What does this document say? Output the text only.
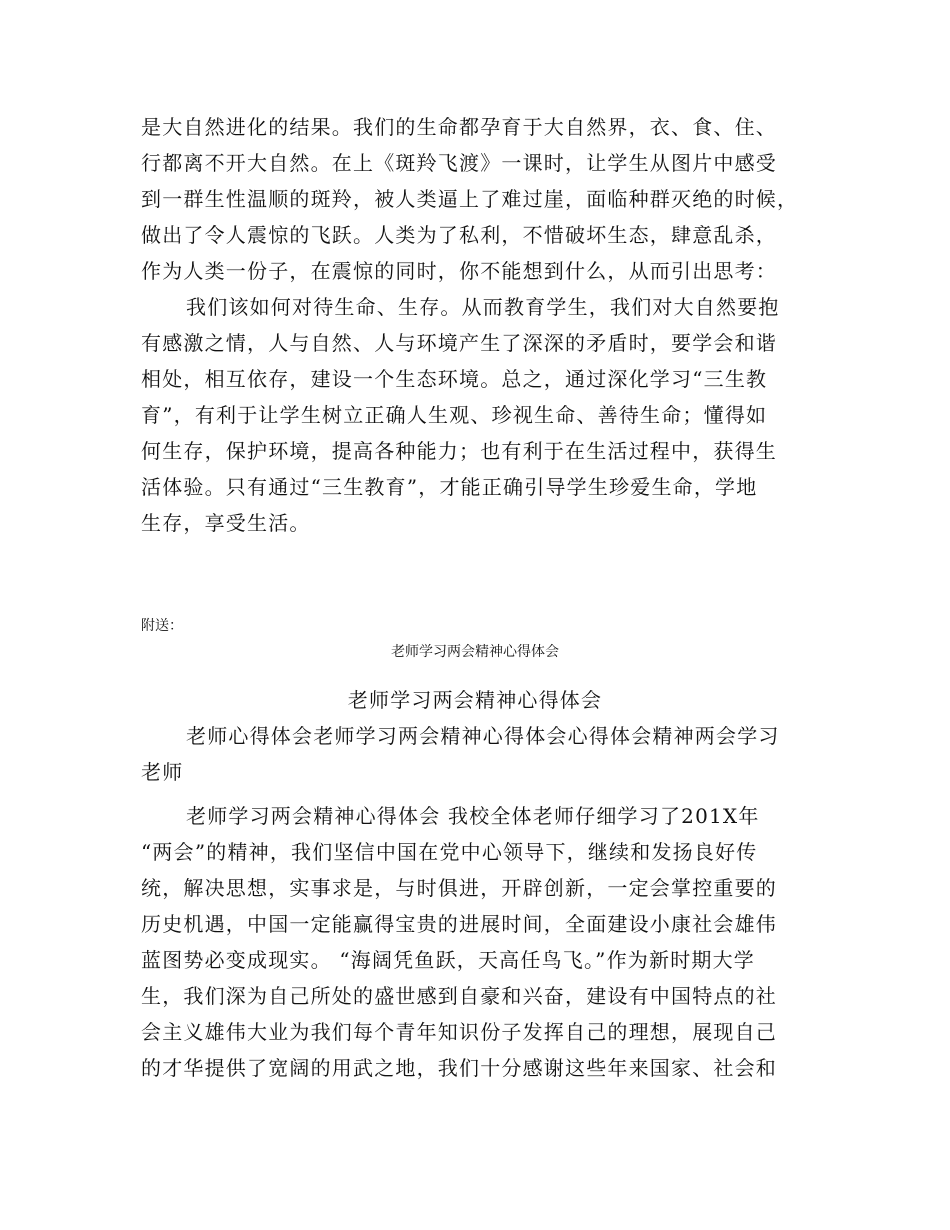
是大自然进化的结果。我们的生命都孕育于大自然界，衣、食、住、
行都离不开大自然。在上《斑羚飞渡》一课时，让学生从图片中感受
到一群生性温顺的斑羚，被人类逼上了难过崖，面临种群灭绝的时候，
做出了令人震惊的飞跃。人类为了私利，不惜破坏生态，肆意乱杀，
作为人类一份子，在震惊的同时，你不能想到什么，从而引出思考：
我们该如何对待生命、生存。从而教育学生，我们对大自然要抱
有感激之情，人与自然、人与环境产生了深深的矛盾时，要学会和谐
相处，相互依存，建设一个生态环境。总之，通过深化学习“三生教
育”，有利于让学生树立正确人生观、珍视生命、善待生命；懂得如
何生存，保护环境，提高各种能力；也有利于在生活过程中，获得生
活体验。只有通过“三生教育”，才能正确引导学生珍爱生命，学地
生存，享受生活。
附送：
老师学习两会精神心得体会
老师学习两会精神心得体会
老师心得体会老师学习两会精神心得体会心得体会精神两会学习
老师
老师学习两会精神心得体会 我校全体老师仔细学习了201X年
“两会”的精神，我们坚信中国在党中心领导下，继续和发扬良好传
统，解决思想，实事求是，与时俱进，开辟创新，一定会掌控重要的
历史机遇，中国一定能赢得宝贵的进展时间，全面建设小康社会雄伟
蓝图势必变成现实。 “海阔凭鱼跃，天高任鸟飞。”作为新时期大学
生，我们深为自己所处的盛世感到自豪和兴奋，建设有中国特点的社
会主义雄伟大业为我们每个青年知识份子发挥自己的理想，展现自己
的才华提供了宽阔的用武之地，我们十分感谢这些年来国家、社会和
